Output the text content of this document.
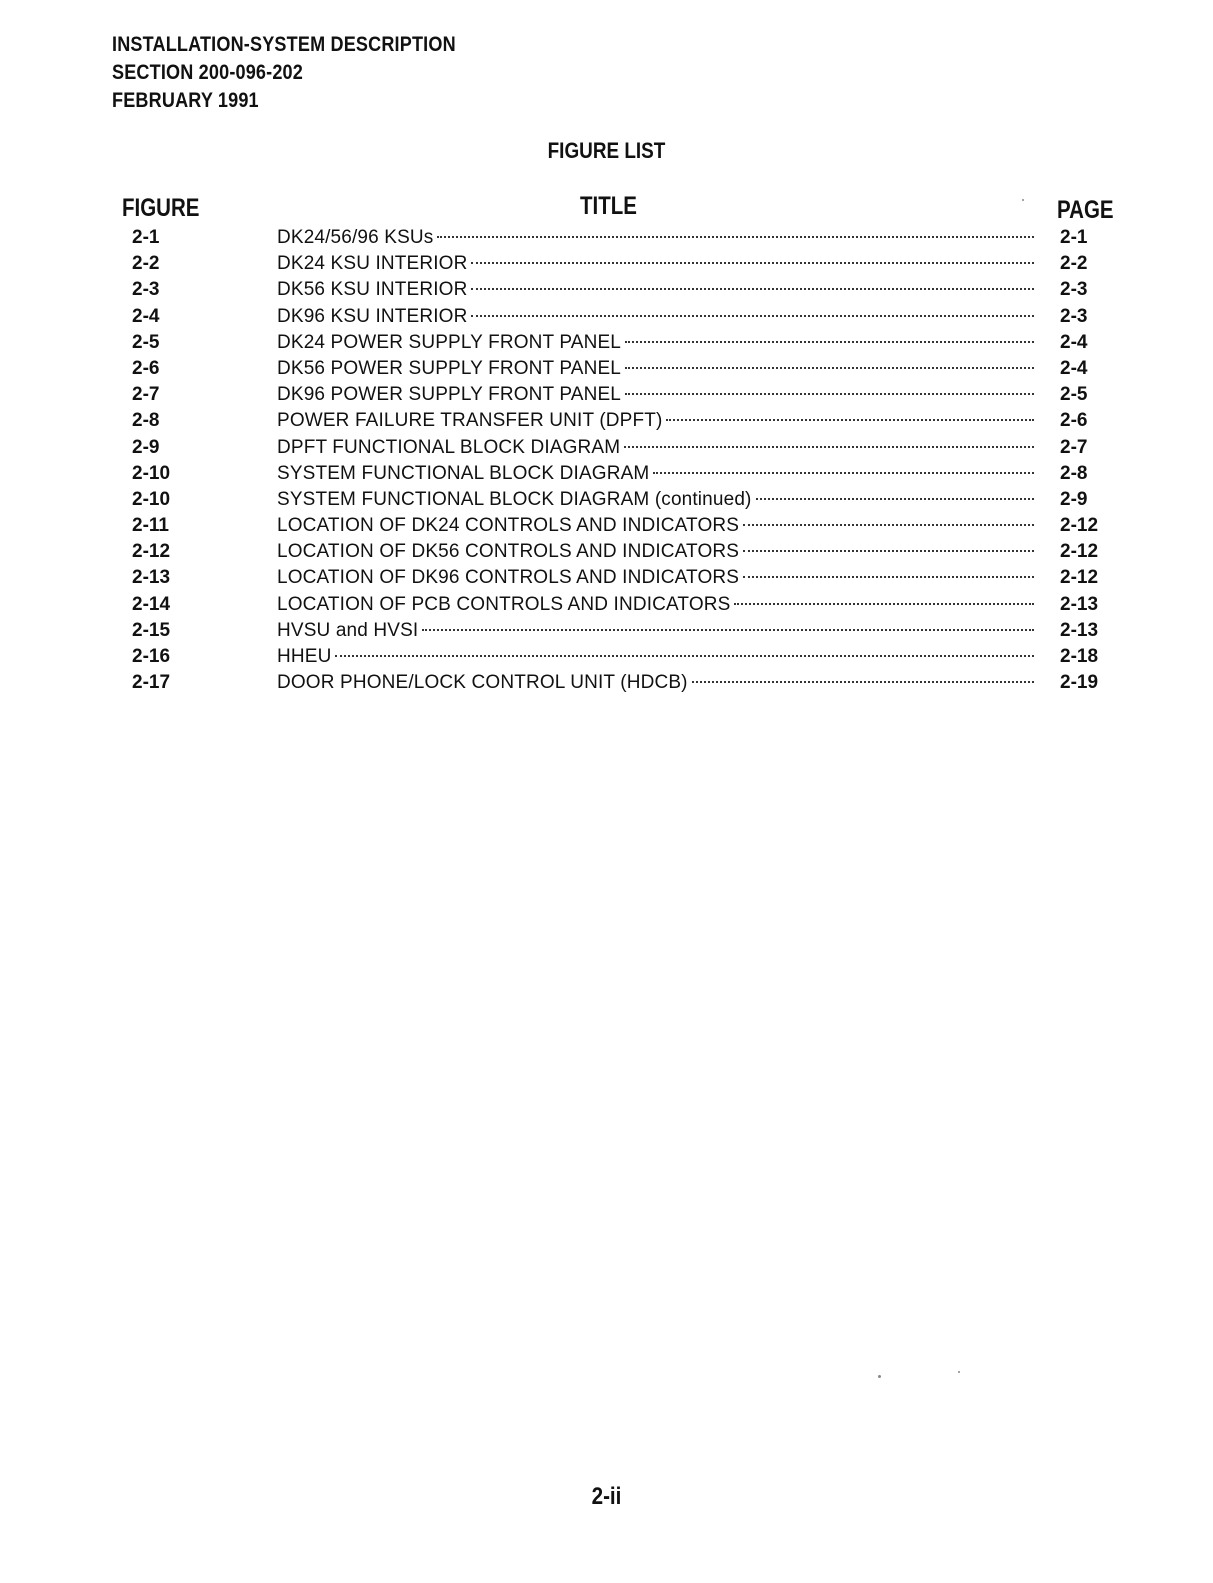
INSTALLATION-SYSTEM DESCRIPTION
SECTION 200-096-202
FEBRUARY 1991
FIGURE LIST
FIGURE	TITLE	PAGE
2-1	DK24/56/96 KSUs	2-1
2-2	DK24 KSU INTERIOR	2-2
2-3	DK56 KSU INTERIOR	2-3
2-4	DK96 KSU INTERIOR	2-3
2-5	DK24 POWER SUPPLY FRONT PANEL	2-4
2-6	DK56 POWER SUPPLY FRONT PANEL	2-4
2-7	DK96 POWER SUPPLY FRONT PANEL	2-5
2-8	POWER FAILURE TRANSFER UNIT (DPFT)	2-6
2-9	DPFT FUNCTIONAL BLOCK DIAGRAM	2-7
2-10	SYSTEM FUNCTIONAL BLOCK DIAGRAM	2-8
2-10	SYSTEM FUNCTIONAL BLOCK DIAGRAM (continued)	2-9
2-11	LOCATION OF DK24 CONTROLS AND INDICATORS	2-12
2-12	LOCATION OF DK56 CONTROLS AND INDICATORS	2-12
2-13	LOCATION OF DK96 CONTROLS AND INDICATORS	2-12
2-14	LOCATION OF PCB CONTROLS AND INDICATORS	2-13
2-15	HVSU and HVSI	2-13
2-16	HHEU	2-18
2-17	DOOR PHONE/LOCK CONTROL UNIT (HDCB)	2-19
2-ii
